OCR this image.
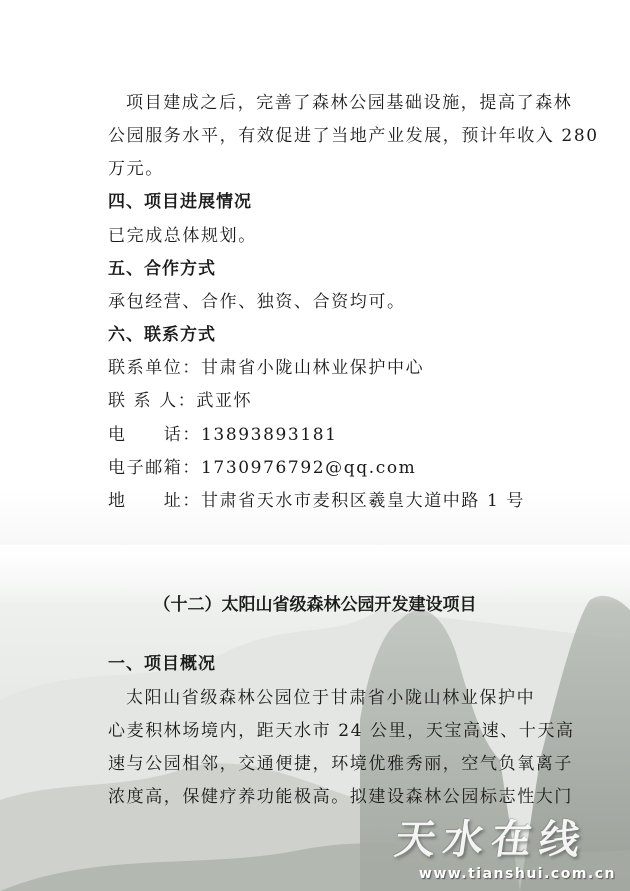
项目建成之后，完善了森林公园基础设施，提高了森林
公园服务水平，有效促进了当地产业发展，预计年收入 280
万元。
四、项目进展情况
已完成总体规划。
五、合作方式
承包经营、合作、独资、合资均可。
六、联系方式
联系单位：甘肃省小陇山林业保护中心
联 系 人：武亚怀
电　　话：13893893181
电子邮箱：1730976792@qq.com
地　　址：甘肃省天水市麦积区羲皇大道中路 1 号
（十二）太阳山省级森林公园开发建设项目
一、项目概况
太阳山省级森林公园位于甘肃省小陇山林业保护中
心麦积林场境内，距天水市 24 公里，天宝高速、十天高
速与公园相邻，交通便捷，环境优雅秀丽，空气负氧离子
浓度高，保健疗养功能极高。拟建设森林公园标志性大门
天水在线
www.tianshui.com.cn
